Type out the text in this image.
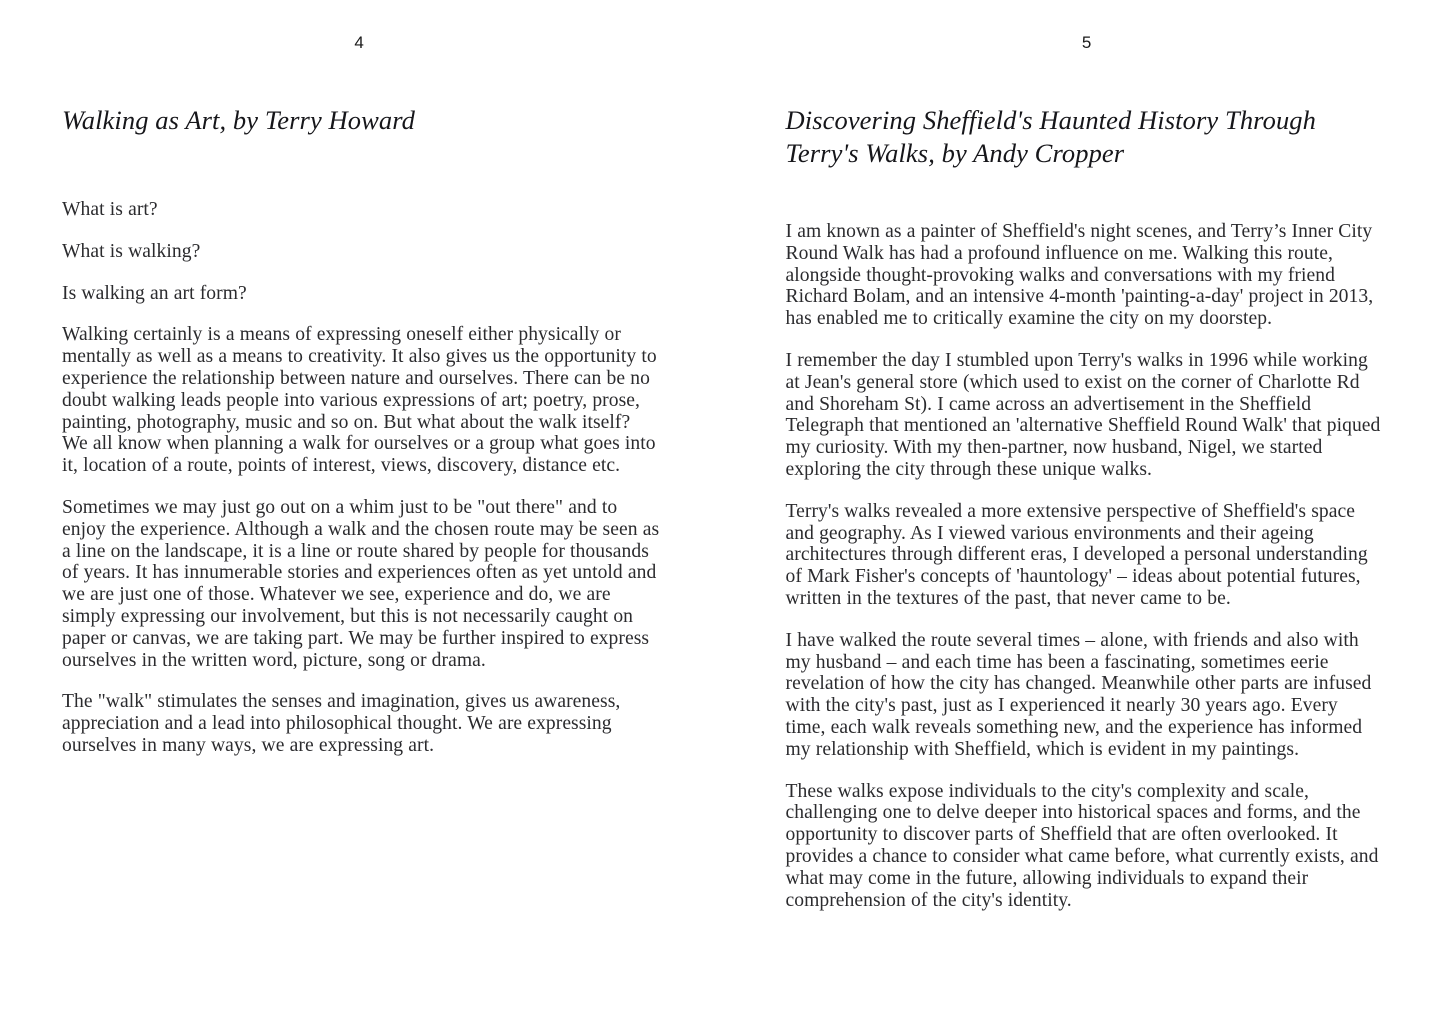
4
Walking as Art, by Terry Howard

What is art?

What is walking?

Is walking an art form?

Walking certainly is a means of expressing oneself either physically or mentally as well as a means to creativity. It also gives us the opportunity to experience the relationship between nature and ourselves. There can be no doubt walking leads people into various expressions of art; poetry, prose, painting, photography, music and so on. But what about the walk itself? We all know when planning a walk for ourselves or a group what goes into it, location of a route, points of interest, views, discovery, distance etc.

Sometimes we may just go out on a whim just to be "out there" and to enjoy the experience. Although a walk and the chosen route may be seen as a line on the landscape, it is a line or route shared by people for thousands of years. It has innumerable stories and experiences often as yet untold and we are just one of those. Whatever we see, experience and do, we are simply expressing our involvement, but this is not necessarily caught on paper or canvas, we are taking part. We may be further inspired to express ourselves in the written word, picture, song or drama.

The "walk" stimulates the senses and imagination, gives us awareness, appreciation and a lead into philosophical thought. We are expressing ourselves in many ways, we are expressing art.

5
Discovering Sheffield's Haunted History Through Terry's Walks, by Andy Cropper

I am known as a painter of Sheffield's night scenes, and Terry’s Inner City Round Walk has had a profound influence on me. Walking this route, alongside thought-provoking walks and conversations with my friend Richard Bolam, and an intensive 4-month 'painting-a-day' project in 2013, has enabled me to critically examine the city on my doorstep.

I remember the day I stumbled upon Terry's walks in 1996 while working at Jean's general store (which used to exist on the corner of Charlotte Rd and Shoreham St). I came across an advertisement in the Sheffield Telegraph that mentioned an 'alternative Sheffield Round Walk' that piqued my curiosity. With my then-partner, now husband, Nigel, we started exploring the city through these unique walks.

Terry's walks revealed a more extensive perspective of Sheffield's space and geography. As I viewed various environments and their ageing architectures through different eras, I developed a personal understanding of Mark Fisher's concepts of 'hauntology' – ideas about potential futures, written in the textures of the past, that never came to be.

I have walked the route several times – alone, with friends and also with my husband – and each time has been a fascinating, sometimes eerie revelation of how the city has changed. Meanwhile other parts are infused with the city's past, just as I experienced it nearly 30 years ago. Every time, each walk reveals something new, and the experience has informed my relationship with Sheffield, which is evident in my paintings.

These walks expose individuals to the city's complexity and scale, challenging one to delve deeper into historical spaces and forms, and the opportunity to discover parts of Sheffield that are often overlooked. It provides a chance to consider what came before, what currently exists, and what may come in the future, allowing individuals to expand their comprehension of the city's identity.
